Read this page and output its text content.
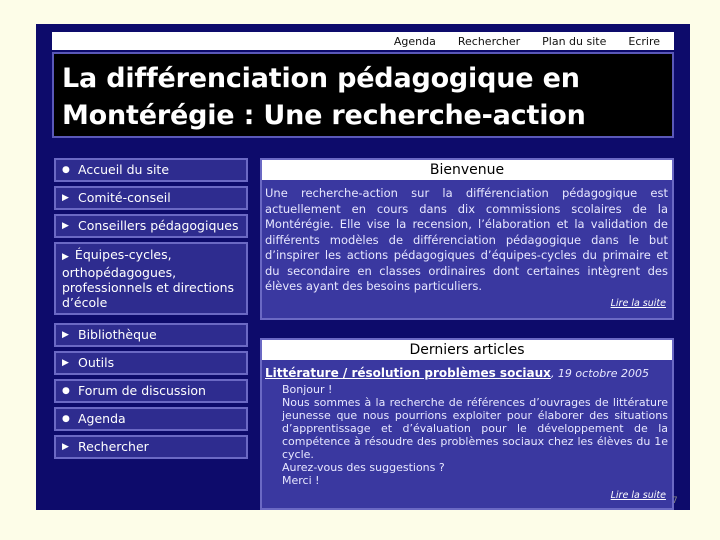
Agenda Rechercher Plan du site Ecrire
La différenciation pédagogique en
Montérégie : Une recherche-action
● Accueil du site
▶ Comité-conseil
▶ Conseillers pédagogiques
▶ Équipes-cycles, orthopédagogues, professionnels et directions d’école
▶ Bibliothèque
▶ Outils
● Forum de discussion
● Agenda
▶ Rechercher
Bienvenue
Une recherche-action sur la différenciation pédagogique est actuellement en cours dans dix commissions scolaires de la Montérégie. Elle vise la recension, l’élaboration et la validation de différents modèles de différenciation pédagogique dans le but d’inspirer les actions pédagogiques d’équipes-cycles du primaire et du secondaire en classes ordinaires dont certaines intègrent des élèves ayant des besoins particuliers.
Lire la suite
Derniers articles
Littérature / résolution problèmes sociaux, 19 octobre 2005
Bonjour !
Nous sommes à la recherche de références d’ouvrages de littérature jeunesse que nous pourrions exploiter pour élaborer des situations d’apprentissage et d’évaluation pour le développement de la compétence à résoudre des problèmes sociaux chez les élèves du 1e cycle.
Aurez-vous des suggestions ?
Merci !
Lire la suite 7
